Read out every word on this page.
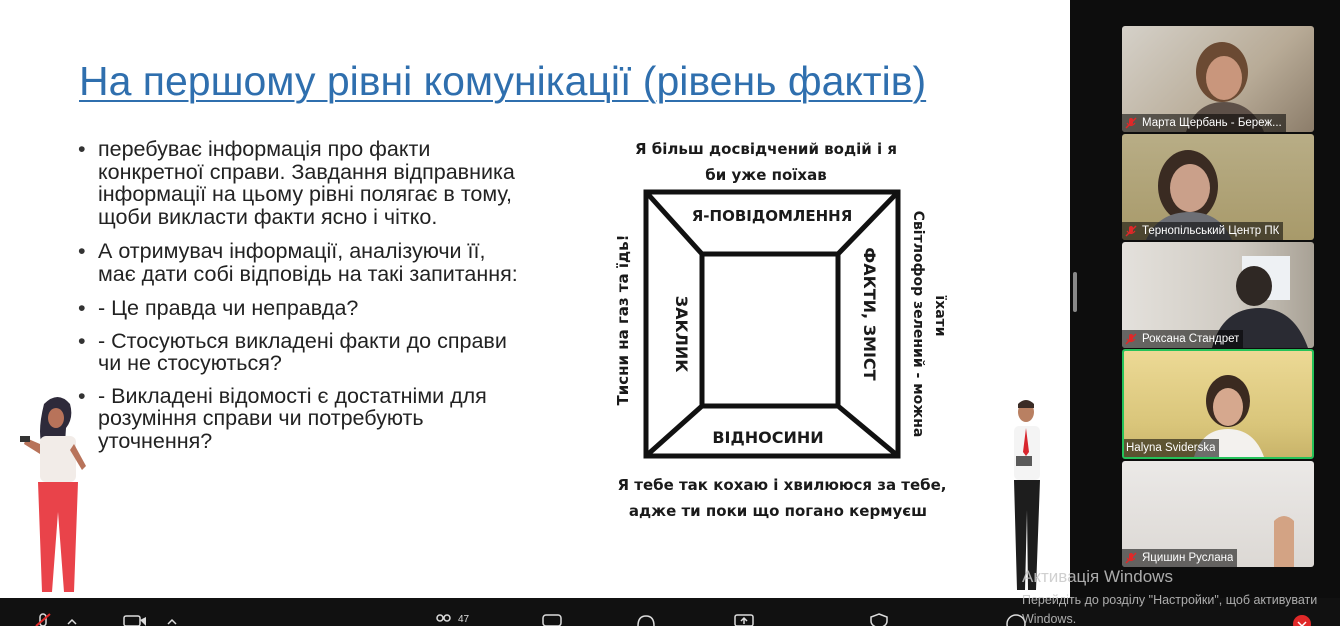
На першому рівні комунікації (рівень фактів)
• перебуває інформація про факти конкретної справи. Завдання відправника інформації на цьому рівні полягає в тому, щоби викласти факти ясно і чітко.
• А отримувач інформації, аналізуючи її, має дати собі відповідь на такі запитання:
• - Це правда чи неправда?
• - Стосуються викладені факти до справи чи не стосуються?
• - Викладені відомості є достатніми для розуміння справи чи потребують уточнення?
Я більш досвідчений водій і я
би уже поїхав
Я-ПОВІДОМЛЕННЯ
ВІДНОСИНИ
ЗАКЛИК	ФАКТИ, ЗМІСТ
Тисни на газ та їдь!	Світлофор зелений - можна їхати
Я тебе так кохаю і хвилююся за тебе,
адже ти поки що погано кермуєш
Марта Щербань - Береж...
Тернопільський Центр ПК
Роксана Стандрет
Halyna Sviderska
Яцишин Руслана
47
Активація Windows
Перейдіть до розділу "Настройки", щоб активувати Windows.
